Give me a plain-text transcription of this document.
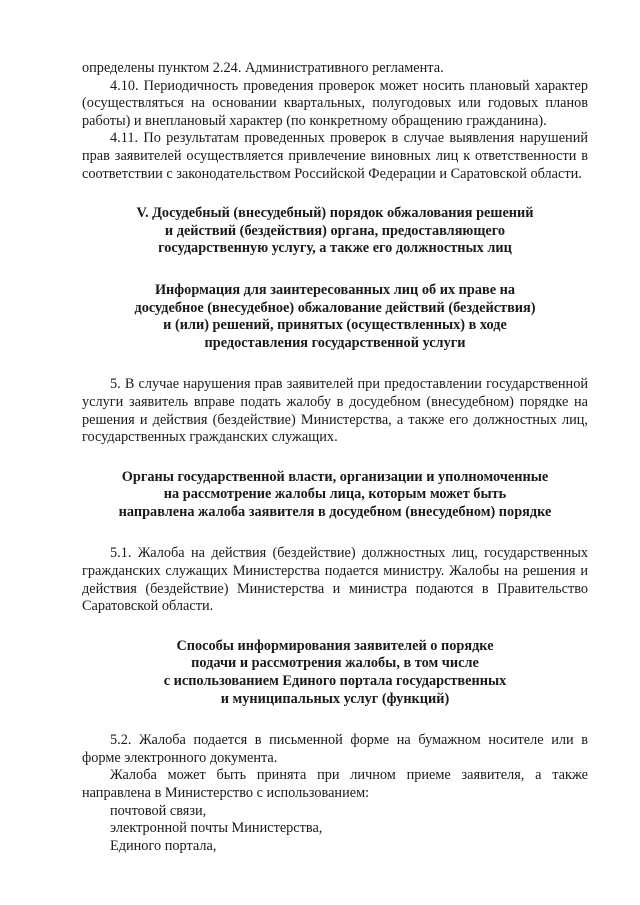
определены пунктом 2.24. Административного регламента.

4.10. Периодичность проведения проверок может носить плановый характер (осуществляться на основании квартальных, полугодовых или годовых планов работы) и внеплановый характер (по конкретному обращению гражданина).

4.11. По результатам проведенных проверок в случае выявления нарушений прав заявителей осуществляется привлечение виновных лиц к ответственности в соответствии с законодательством Российской Федерации и Саратовской области.

V. Досудебный (внесудебный) порядок обжалования решений

и действий (бездействия) органа, предоставляющего

государственную услугу, а также его должностных лиц

Информация для заинтересованных лиц об их праве на

досудебное (внесудебное) обжалование действий (бездействия)

и (или) решений, принятых (осуществленных) в ходе

предоставления государственной услуги

5. В случае нарушения прав заявителей при предоставлении государственной услуги заявитель вправе подать жалобу в досудебном (внесудебном) порядке на решения и действия (бездействие) Министерства, а также его должностных лиц, государственных гражданских служащих.

Органы государственной власти, организации и уполномоченные

на рассмотрение жалобы лица, которым может быть

направлена жалоба заявителя в досудебном (внесудебном) порядке

5.1. Жалоба на действия (бездействие) должностных лиц, государственных гражданских служащих Министерства подается министру. Жалобы на решения и действия (бездействие) Министерства и министра подаются в Правительство Саратовской области.

Способы информирования заявителей о порядке

подачи и рассмотрения жалобы, в том числе

с использованием Единого портала государственных

и муниципальных услуг (функций)

5.2. Жалоба подается в письменной форме на бумажном носителе или в форме электронного документа.

Жалоба может быть принята при личном приеме заявителя, а также направлена в Министерство с использованием:

почтовой связи,

электронной почты Министерства,

Единого портала,
